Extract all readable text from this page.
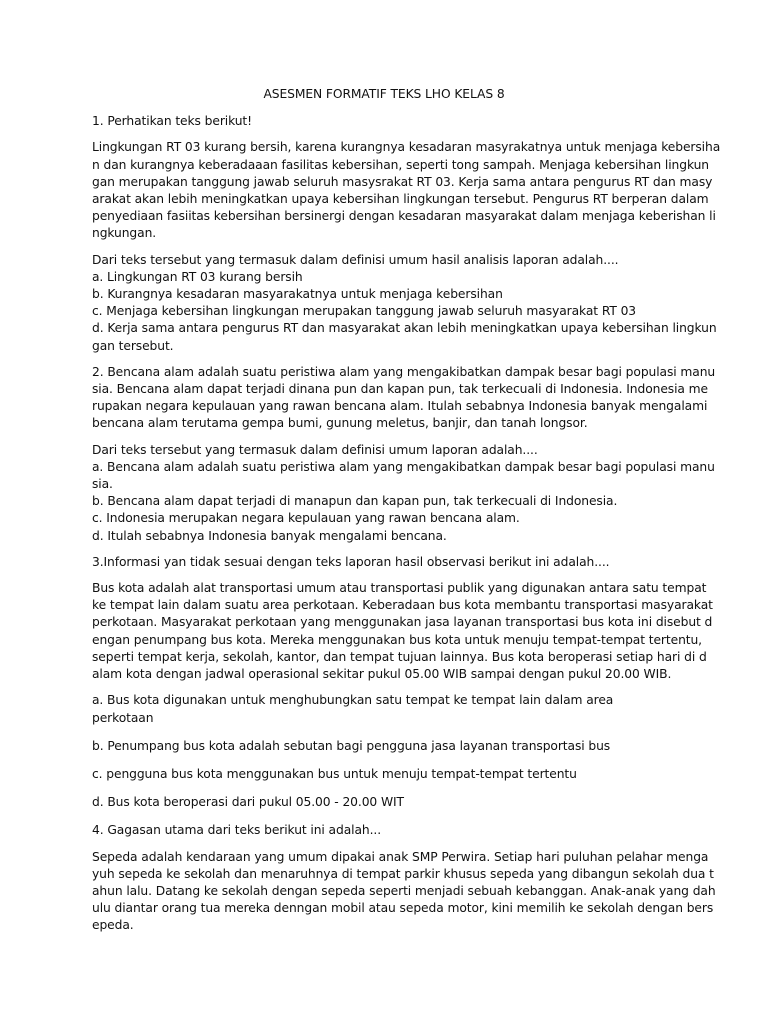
ASESMEN FORMATIF TEKS LHO KELAS 8
1. Perhatikan teks berikut!
Lingkungan RT 03 kurang bersih, karena kurangnya kesadaran masyrakatnya untuk menjaga kebersiha
n dan kurangnya keberadaaan fasilitas kebersihan, seperti tong sampah. Menjaga kebersihan lingkun
gan merupakan tanggung jawab seluruh masysrakat RT 03. Kerja sama antara pengurus RT dan masy
arakat akan lebih meningkatkan upaya kebersihan lingkungan tersebut. Pengurus RT berperan dalam
penyediaan fasiitas kebersihan bersinergi dengan kesadaran masyarakat dalam menjaga keberishan li
ngkungan.
Dari teks tersebut yang termasuk dalam definisi umum hasil analisis laporan adalah....
a. Lingkungan RT 03 kurang bersih
b. Kurangnya kesadaran masyarakatnya untuk menjaga kebersihan
c. Menjaga kebersihan lingkungan merupakan tanggung jawab seluruh masyarakat RT 03
d. Kerja sama antara pengurus RT dan masyarakat akan lebih meningkatkan upaya kebersihan lingkun
gan tersebut.
2. Bencana alam adalah suatu peristiwa alam yang mengakibatkan dampak besar bagi populasi manu
sia. Bencana alam dapat terjadi dinana pun dan kapan pun, tak terkecuali di Indonesia. Indonesia me
rupakan negara kepulauan yang rawan bencana alam. Itulah sebabnya Indonesia banyak mengalami
bencana alam terutama gempa bumi, gunung meletus, banjir, dan tanah longsor.
Dari teks tersebut yang termasuk dalam definisi umum laporan adalah....
a. Bencana alam adalah suatu peristiwa alam yang mengakibatkan dampak besar bagi populasi manu
sia.
b. Bencana alam dapat terjadi di manapun dan kapan pun, tak terkecuali di Indonesia.
c. Indonesia merupakan negara kepulauan yang rawan bencana alam.
d. Itulah sebabnya Indonesia banyak mengalami bencana.
3.Informasi yan tidak sesuai dengan teks laporan hasil observasi berikut ini adalah....
Bus kota adalah alat transportasi umum atau transportasi publik yang digunakan antara satu tempat
ke tempat lain dalam suatu area perkotaan. Keberadaan bus kota membantu transportasi masyarakat
perkotaan. Masyarakat perkotaan yang menggunakan jasa layanan transportasi bus kota ini disebut d
engan penumpang bus kota. Mereka menggunakan bus kota untuk menuju tempat-tempat tertentu,
seperti tempat kerja, sekolah, kantor, dan tempat tujuan lainnya. Bus kota beroperasi setiap hari di d
alam kota dengan jadwal operasional sekitar pukul 05.00 WIB sampai dengan pukul 20.00 WIB.
a. Bus kota digunakan untuk menghubungkan satu tempat ke tempat lain dalam area perkotaan
b. Penumpang bus kota adalah sebutan bagi pengguna jasa layanan transportasi bus
c. pengguna bus kota menggunakan bus untuk menuju tempat-tempat tertentu
d. Bus kota beroperasi dari pukul 05.00 - 20.00 WIT
4. Gagasan utama dari teks berikut ini adalah...
Sepeda adalah kendaraan yang umum dipakai anak SMP Perwira. Setiap hari puluhan pelahar menga
yuh sepeda ke sekolah dan menaruhnya di tempat parkir khusus sepeda yang dibangun sekolah dua t
ahun lalu. Datang ke sekolah dengan sepeda seperti menjadi sebuah kebanggan. Anak-anak yang dah
ulu diantar orang tua mereka denngan mobil atau sepeda motor, kini memilih ke sekolah dengan bers
epeda.
